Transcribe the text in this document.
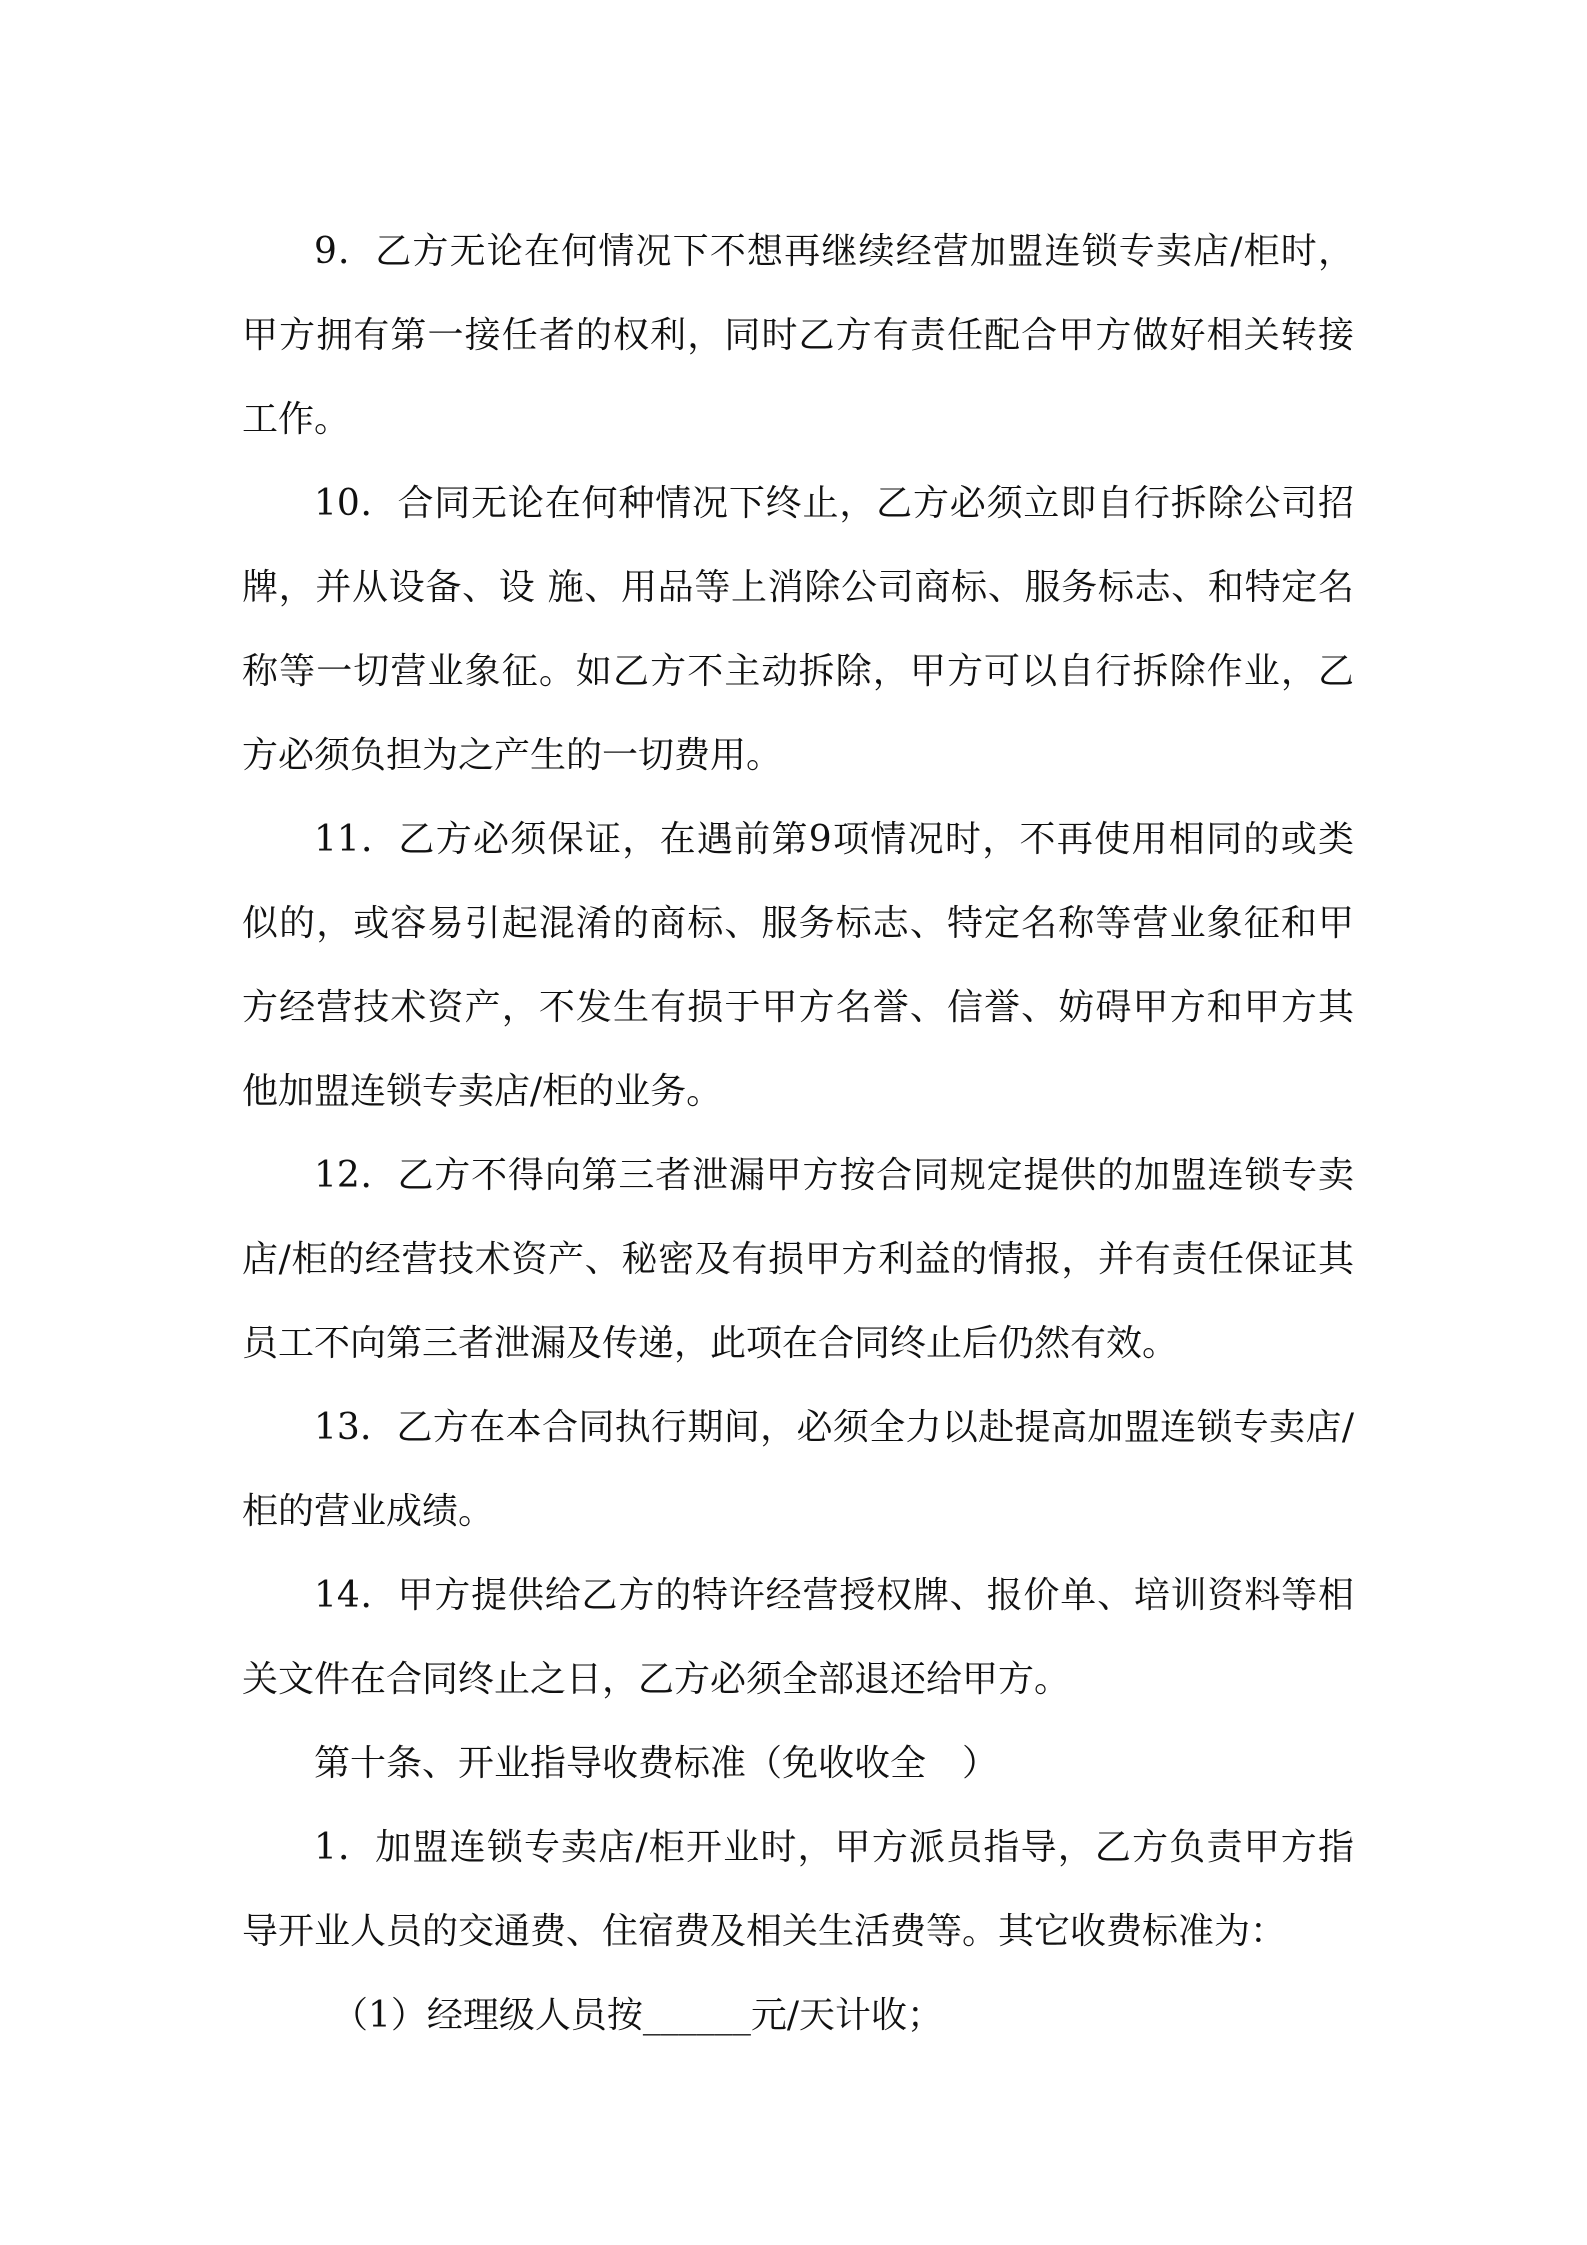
9．乙方无论在何情况下不想再继续经营加盟连锁专卖店/柜时，甲方拥有第一接任者的权利，同时乙方有责任配合甲方做好相关转接工作。

10．合同无论在何种情况下终止，乙方必须立即自行拆除公司招牌，并从设备、设 施、用品等上消除公司商标、服务标志、和特定名称等一切营业象征。如乙方不主动拆除，甲方可以自行拆除作业，乙方必须负担为之产生的一切费用。

11．乙方必须保证，在遇前第9项情况时，不再使用相同的或类似的，或容易引起混淆的商标、服务标志、特定名称等营业象征和甲方经营技术资产，不发生有损于甲方名誉、信誉、妨碍甲方和甲方其他加盟连锁专卖店/柜的业务。

12．乙方不得向第三者泄漏甲方按合同规定提供的加盟连锁专卖店/柜的经营技术资产、秘密及有损甲方利益的情报，并有责任保证其员工不向第三者泄漏及传递，此项在合同终止后仍然有效。

13．乙方在本合同执行期间，必须全力以赴提高加盟连锁专卖店/柜的营业成绩。

14．甲方提供给乙方的特许经营授权牌、报价单、培训资料等相关文件在合同终止之日，乙方必须全部退还给甲方。

第十条、开业指导收费标准（免收收全　）

1．加盟连锁专卖店/柜开业时，甲方派员指导，乙方负责甲方指导开业人员的交通费、住宿费及相关生活费等。其它收费标准为：

（1）经理级人员按______元/天计收；
